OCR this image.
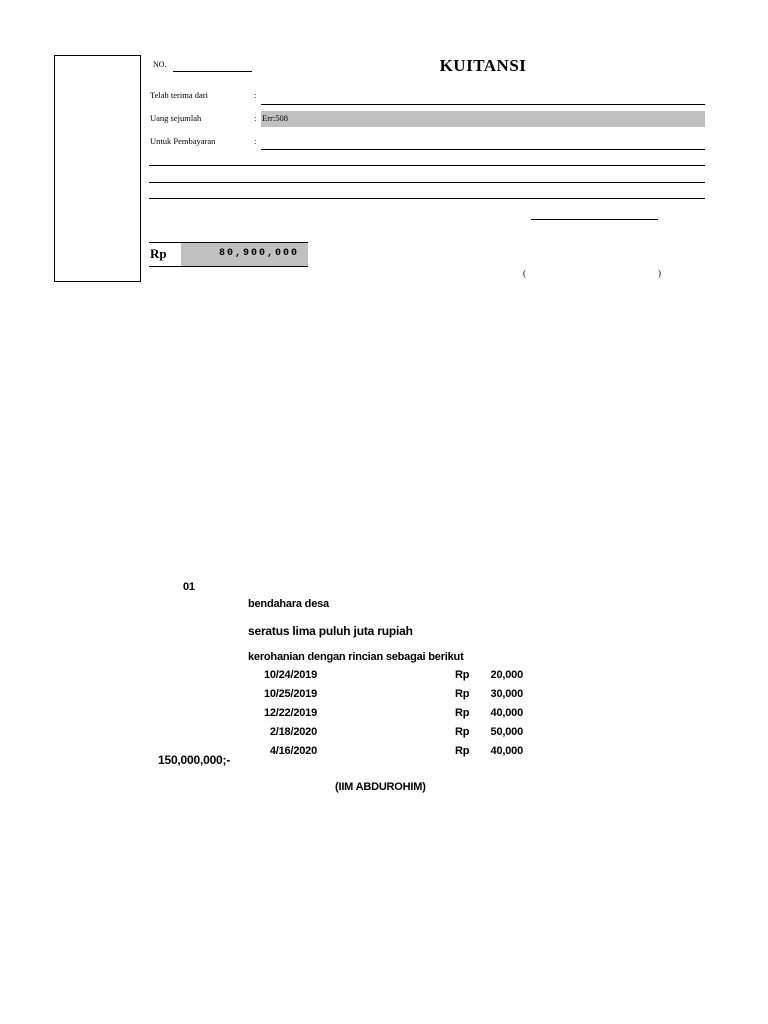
NO.	KUITANSI
Telah terima dari	:
Uang sejumlah	: Err:508
Untuk Pembayaran	:
Rp	80,900,000
(	)
01
bendahara desa
seratus lima puluh juta rupiah
kerohanian dengan rincian sebagai berikut
10/24/2019	Rp	20,000
10/25/2019	Rp	30,000
12/22/2019	Rp	40,000
2/18/2020	Rp	50,000
4/16/2020	Rp	40,000
150,000,000;-
(IIM ABDUROHIM)
